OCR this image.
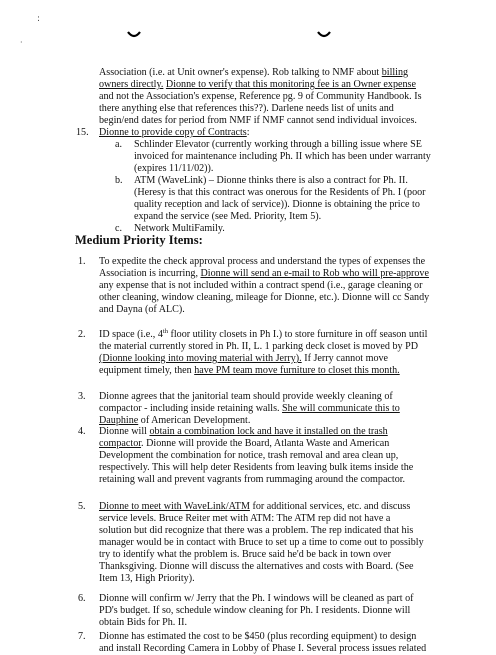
·
:
Association (i.e. at Unit owner's expense). Rob talking to NMF about billing
owners directly. Dionne to verify that this monitoring fee is an Owner expense
and not the Association's expense, Reference pg. 9 of Community Handbook. Is
there anything else that references this??). Darlene needs list of units and
begin/end dates for period from NMF if NMF cannot send individual invoices.
15. Dionne to provide copy of Contracts:
a. Schlinder Elevator (currently working through a billing issue where SE
invoiced for maintenance including Ph. II which has been under warranty
(expires 11/11/02)).
b. ATM (WaveLink) – Dionne thinks there is also a contract for Ph. II.
(Heresy is that this contract was onerous for the Residents of Ph. I (poor
quality reception and lack of service)). Dionne is obtaining the price to
expand the service (see Med. Priority, Item 5).
c. Network MultiFamily.
Medium Priority Items:
1. To expedite the check approval process and understand the types of expenses the
Association is incurring, Dionne will send an e-mail to Rob who will pre-approve
any expense that is not included within a contract spend (i.e., garage cleaning or
other cleaning, window cleaning, mileage for Dionne, etc.). Dionne will cc Sandy
and Dayna (of ALC).
2. ID space (i.e., 4th floor utility closets in Ph I.) to store furniture in off season until
the material currently stored in Ph. II, L. 1 parking deck closet is moved by PD
(Dionne looking into moving material with Jerry). If Jerry cannot move
equipment timely, then have PM team move furniture to closet this month.
3. Dionne agrees that the janitorial team should provide weekly cleaning of
compactor - including inside retaining walls. She will communicate this to
Dauphine of American Development.
4. Dionne will obtain a combination lock and have it installed on the trash
compactor. Dionne will provide the Board, Atlanta Waste and American
Development the combination for notice, trash removal and area clean up,
respectively. This will help deter Residents from leaving bulk items inside the
retaining wall and prevent vagrants from rummaging around the compactor.
5. Dionne to meet with WaveLink/ATM for additional services, etc. and discuss
service levels. Bruce Reiter met with ATM: The ATM rep did not have a
solution but did recognize that there was a problem. The rep indicated that his
manager would be in contact with Bruce to set up a time to come out to possibly
try to identify what the problem is. Bruce said he'd be back in town over
Thanksgiving. Dionne will discuss the alternatives and costs with Board. (See
Item 13, High Priority).
6. Dionne will confirm w/ Jerry that the Ph. I windows will be cleaned as part of
PD's budget. If so, schedule window cleaning for Ph. I residents. Dionne will
obtain Bids for Ph. II.
7. Dionne has estimated the cost to be $450 (plus recording equipment) to design
and install Recording Camera in Lobby of Phase I. Several process issues related
